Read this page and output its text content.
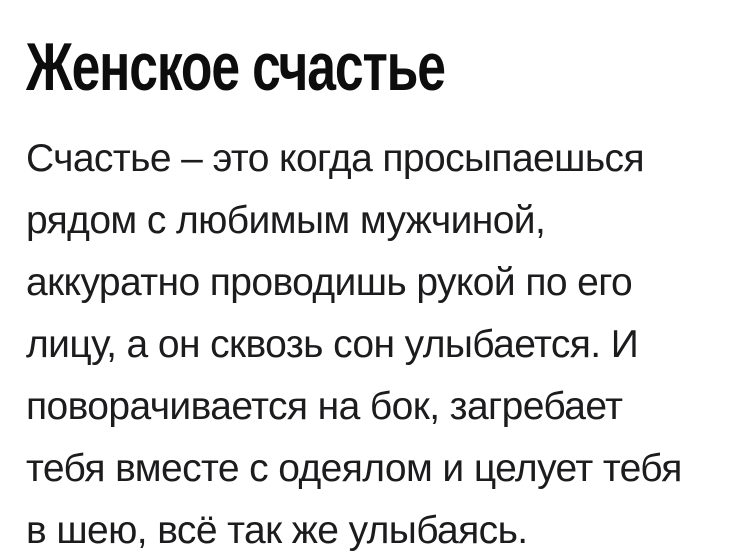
Женское счастье
Счастье – это когда просыпаешься
рядом с любимым мужчиной,
аккуратно проводишь рукой по его
лицу, а он сквозь сон улыбается. И
поворачивается на бок, загребает
тебя вместе с одеялом и целует тебя
в шею, всё так же улыбаясь.
